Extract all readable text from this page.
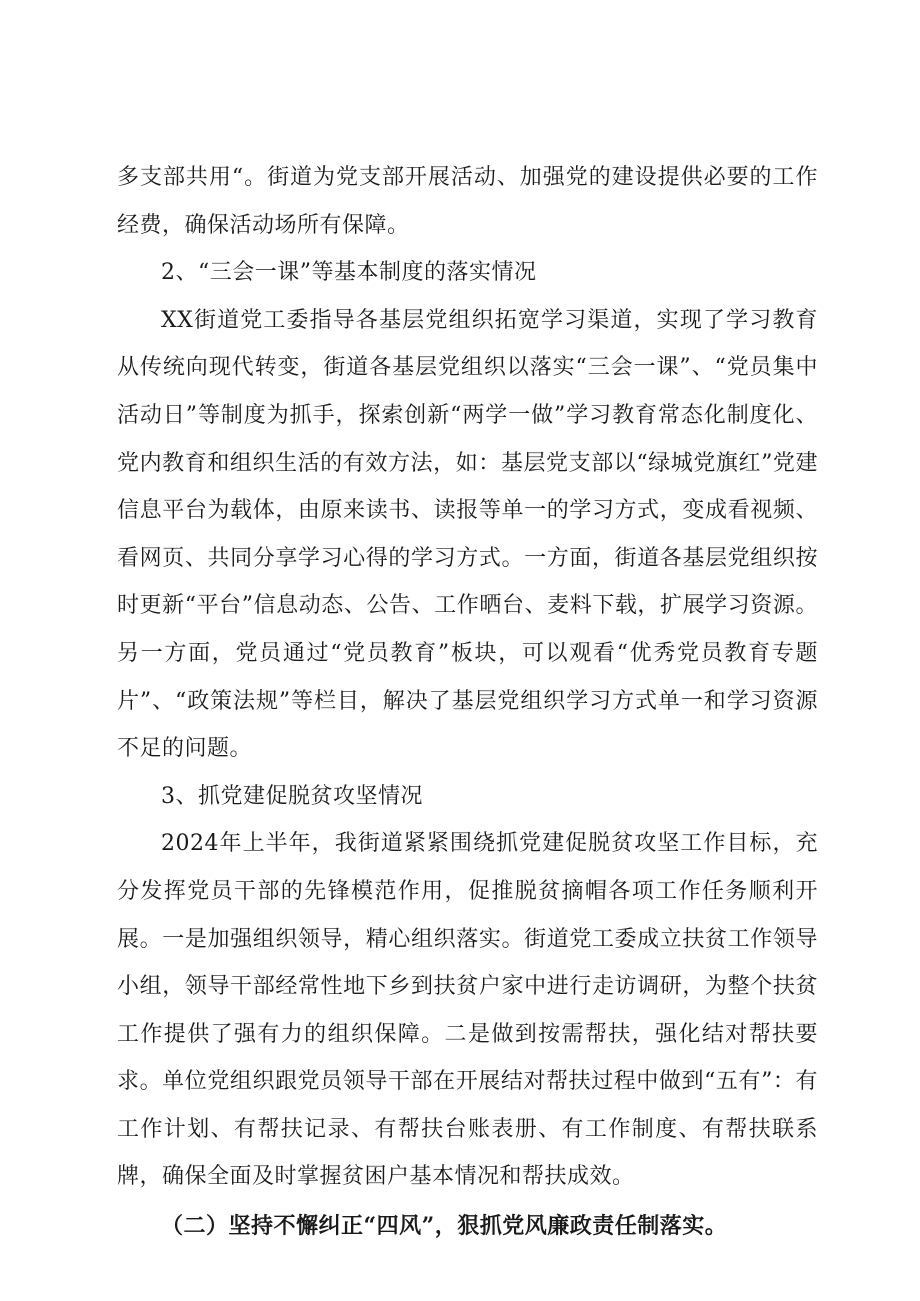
多支部共用“。街道为党支部开展活动、加强党的建设提供必要的工作经费，确保活动场所有保障。

2、“三会一课”等基本制度的落实情况

XX街道党工委指导各基层党组织拓宽学习渠道，实现了学习教育从传统向现代转变，街道各基层党组织以落实“三会一课”、“党员集中活动日”等制度为抓手，探索创新“两学一做”学习教育常态化制度化、党内教育和组织生活的有效方法，如：基层党支部以“绿城党旗红”党建信息平台为载体，由原来读书、读报等单一的学习方式，变成看视频、看网页、共同分享学习心得的学习方式。一方面，街道各基层党组织按时更新“平台”信息动态、公告、工作晒台、麦料下载，扩展学习资源。另一方面，党员通过“党员教育”板块，可以观看“优秀党员教育专题片”、“政策法规”等栏目，解决了基层党组织学习方式单一和学习资源不足的问题。

3、抓党建促脱贫攻坚情况

2024年上半年，我街道紧紧围绕抓党建促脱贫攻坚工作目标，充分发挥党员干部的先锋模范作用，促推脱贫摘帽各项工作任务顺利开展。一是加强组织领导，精心组织落实。街道党工委成立扶贫工作领导小组，领导干部经常性地下乡到扶贫户家中进行走访调研，为整个扶贫工作提供了强有力的组织保障。二是做到按需帮扶，强化结对帮扶要求。单位党组织跟党员领导干部在开展结对帮扶过程中做到“五有”：有工作计划、有帮扶记录、有帮扶台账表册、有工作制度、有帮扶联系牌，确保全面及时掌握贫困户基本情况和帮扶成效。

（二）坚持不懈纠正“四风”，狠抓党风廉政责任制落实。
